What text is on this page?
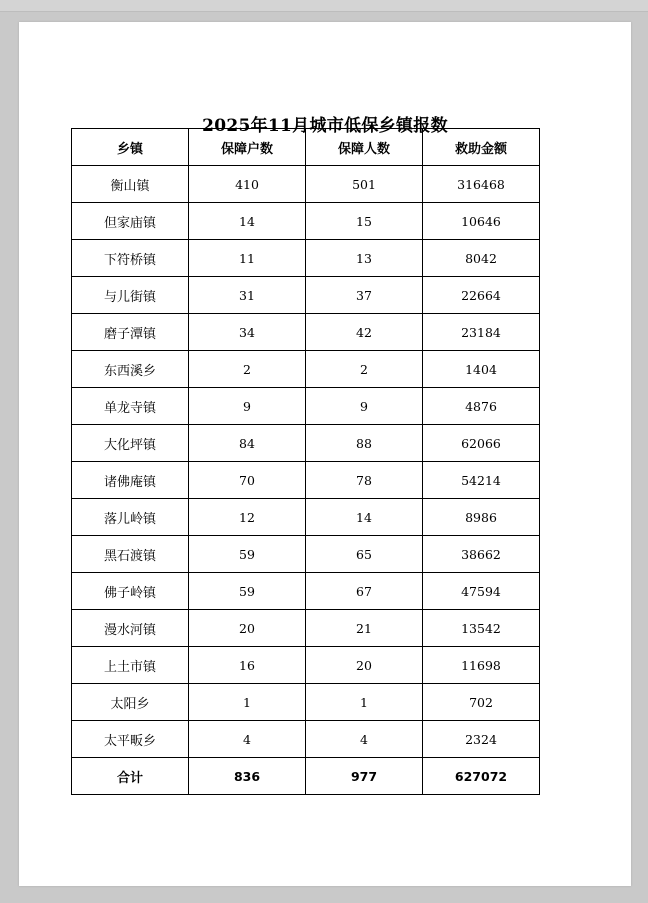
2025年11月城市低保乡镇报数
乡镇	保障户数	保障人数	救助金额
衡山镇	410	501	316468
但家庙镇	14	15	10646
下符桥镇	11	13	8042
与儿街镇	31	37	22664
磨子潭镇	34	42	23184
东西溪乡	2	2	1404
单龙寺镇	9	9	4876
大化坪镇	84	88	62066
诸佛庵镇	70	78	54214
落儿岭镇	12	14	8986
黑石渡镇	59	65	38662
佛子岭镇	59	67	47594
漫水河镇	20	21	13542
上土市镇	16	20	11698
太阳乡	1	1	702
太平畈乡	4	4	2324
合计	836	977	627072
